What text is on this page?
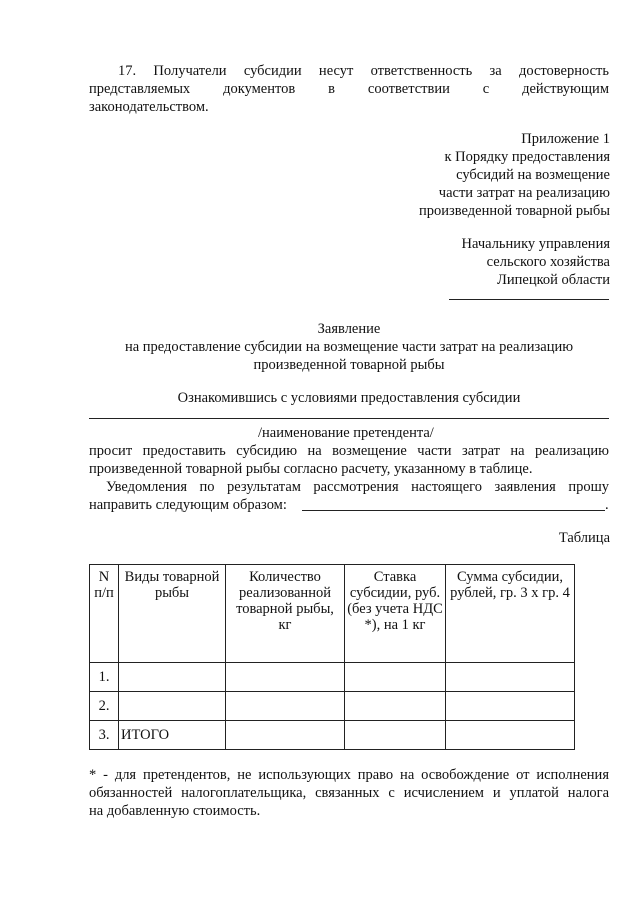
17. Получатели субсидии несут ответственность за достоверность
представляемых документов в соответствии с действующим
законодательством.
Приложение 1
к Порядку предоставления
субсидий на возмещение
части затрат на реализацию
произведенной товарной рыбы
Начальнику управления
сельского хозяйства
Липецкой области
Заявление
на предоставление субсидии на возмещение части затрат на реализацию
произведенной товарной рыбы
Ознакомившись с условиями предоставления субсидии
/наименование претендента/
просит предоставить субсидию на возмещение части затрат на реализацию
произведенной товарной рыбы согласно расчету, указанному в таблице.
Уведомления по результатам рассмотрения настоящего заявления прошу
направить следующим образом:	.
Таблица
N п/п	Виды товарной рыбы	Количество реализованной товарной рыбы, кг	Ставка субсидии, руб. (без учета НДС *), на 1 кг	Сумма субсидии, рублей, гр. 3 x гр. 4
1.				
2.				
3.	ИТОГО			
* - для претендентов, не использующих право на освобождение от исполнения
обязанностей налогоплательщика, связанных с исчислением и уплатой налога
на добавленную стоимость.
